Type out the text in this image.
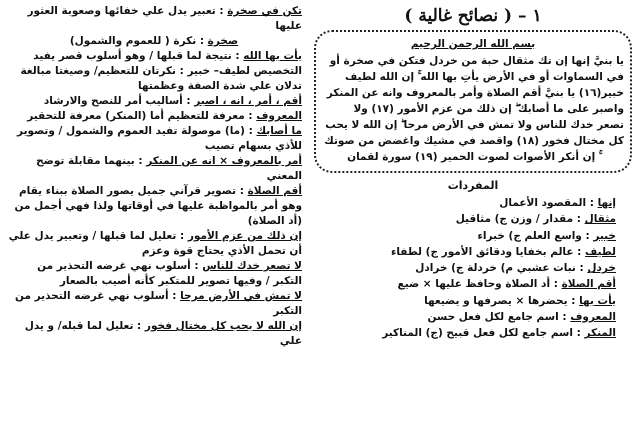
١ – ( نصائح غالية )
بسم الله الرحمن الرحيم
يا بنيَّ إنها إن تك مثقال حبة من خردل فتكن في صخرة أو
في السماوات أو في الأرض يأتِ بها الله ۚ إن الله لطيف
خبير(١٦) يا بنيَّ أقم الصلاة وأمر بالمعروف وانه عن المنكر
واصبر على ما أصابك ۖ إن ذلك من عزم الأمور (١٧) ولا
تصعر خدك للناس ولا تمش في الأرض مرحا ۖ إن الله لا يحب
كل مختال فخور (١٨) واقصد في مشيك واغضض من صوتك
ۚ إن أنكر الأصوات لصوت الحمير (١٩) سورة لقمان
المفردات
إنها : المقصود الأعمال
مثقال : مقدار / وزن ج) مثاقيل
خبير : واسع العلم ج) خبراء
لطيف : عالم بخفايا ودقائق الأمور ج) لطفاء
خردل : نبات عشبي م) خردلة ج) خرادل
أقم الصلاة : أد الصلاة وحافظ عليها × ضيع
يأت بها : يحضرها × يصرفها و يضيعها
المعروف : اسم جامع لكل فعل حسن
المنكر : اسم جامع لكل فعل قبيح (ج) المناكير

تكن في صخرة : تعبير يدل علي خفائها وصعوبة العثور عليها

صخرة : نكرة ( للعموم والشمول)

يأت بها الله : نتيجة لما قبلها / وهو أسلوب قصر يفيد

التخصيص لطيف– خبير : نكرتان للتعظيم/ وصيغتا مبالغة تدلان علي شدة الصفة وعظمتها

أقم ، أمر ، انه ، اصبر : أساليب أمر للنصح والارشاد

المعروف : معرفة للتعظيم أما (المنكر) معرفة للتحقير

ما أصابك : (ما) موصولة تفيد العموم والشمول / وتصوير للأذي بسهام تصيب

أمر بالمعروف × انه عن المنكر : بينهما مقابلة توضح المعني

أقم الصلاة : تصوير قرآني جميل يصور الصلاة ببناء يقام وهو أمر بالمواظبة عليها في أوقاتها ولذا فهي أجمل من (أد الصلاة)

إن ذلك من عزم الأمور : تعليل لما قبلها / وتعبير يدل علي أن تحمل الأذي يحتاج قوة وعزم

لا تصعر خدك للناس : أسلوب نهي غرضه التحذير من التكبر / وفيها تصوير للمتكبر كأنه أصيب بالصعار

لا تمش في الأرض مرحا : أسلوب نهي غرضه التحذير من التكبر

إن الله لا يحب كل مختال فخور : تعليل لما قبله/ و يدل علي
